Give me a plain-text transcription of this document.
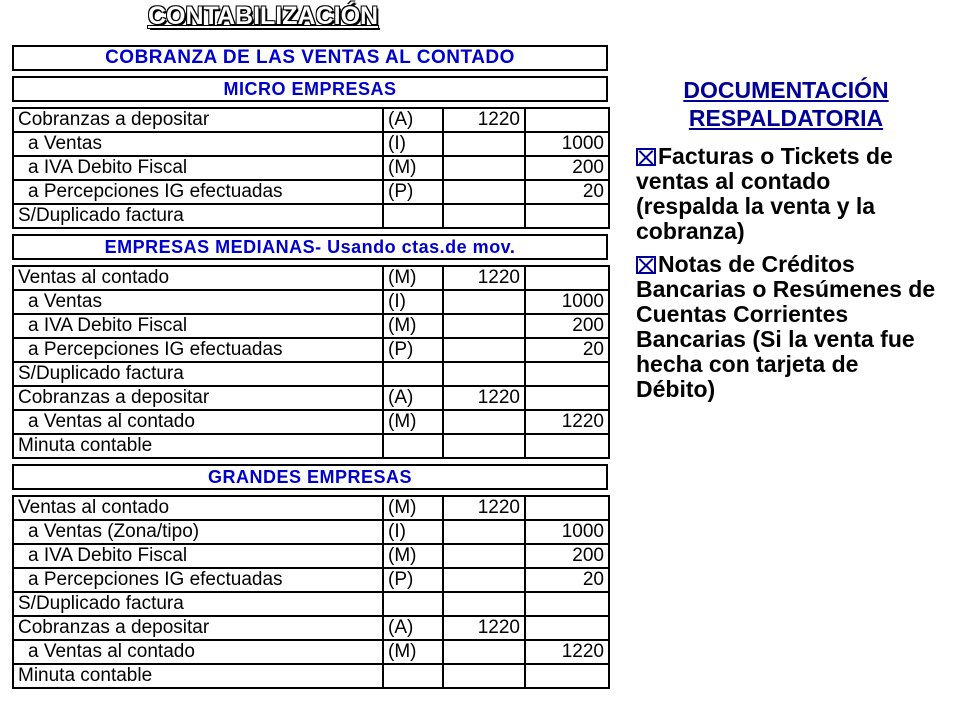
CONTABILIZACIÓN
COBRANZA DE LAS VENTAS AL CONTADO
MICRO EMPRESAS
Cobranzas a depositar	(A)	1220	
a Ventas	(I)		1000
a IVA Debito Fiscal	(M)		200
a Percepciones IG efectuadas	(P)		20
S/Duplicado factura			
EMPRESAS MEDIANAS- Usando ctas.de mov.
Ventas al contado	(M)	1220	
a Ventas	(I)		1000
a IVA Debito Fiscal	(M)		200
a Percepciones IG efectuadas	(P)		20
S/Duplicado factura			
Cobranzas a depositar	(A)	1220	
a Ventas al contado	(M)		1220
Minuta contable			
GRANDES EMPRESAS
Ventas al contado	(M)	1220	
a Ventas (Zona/tipo)	(I)		1000
a IVA Debito Fiscal	(M)		200
a Percepciones IG efectuadas	(P)		20
S/Duplicado factura			
Cobranzas a depositar	(A)	1220	
a Ventas al contado	(M)		1220
Minuta contable			
DOCUMENTACIÓN
RESPALDATORIA
Facturas o Tickets de ventas al contado (respalda la venta y la cobranza)
Notas de Créditos Bancarias o Resúmenes de Cuentas Corrientes Bancarias (Si la venta fue hecha con tarjeta de Débito)
